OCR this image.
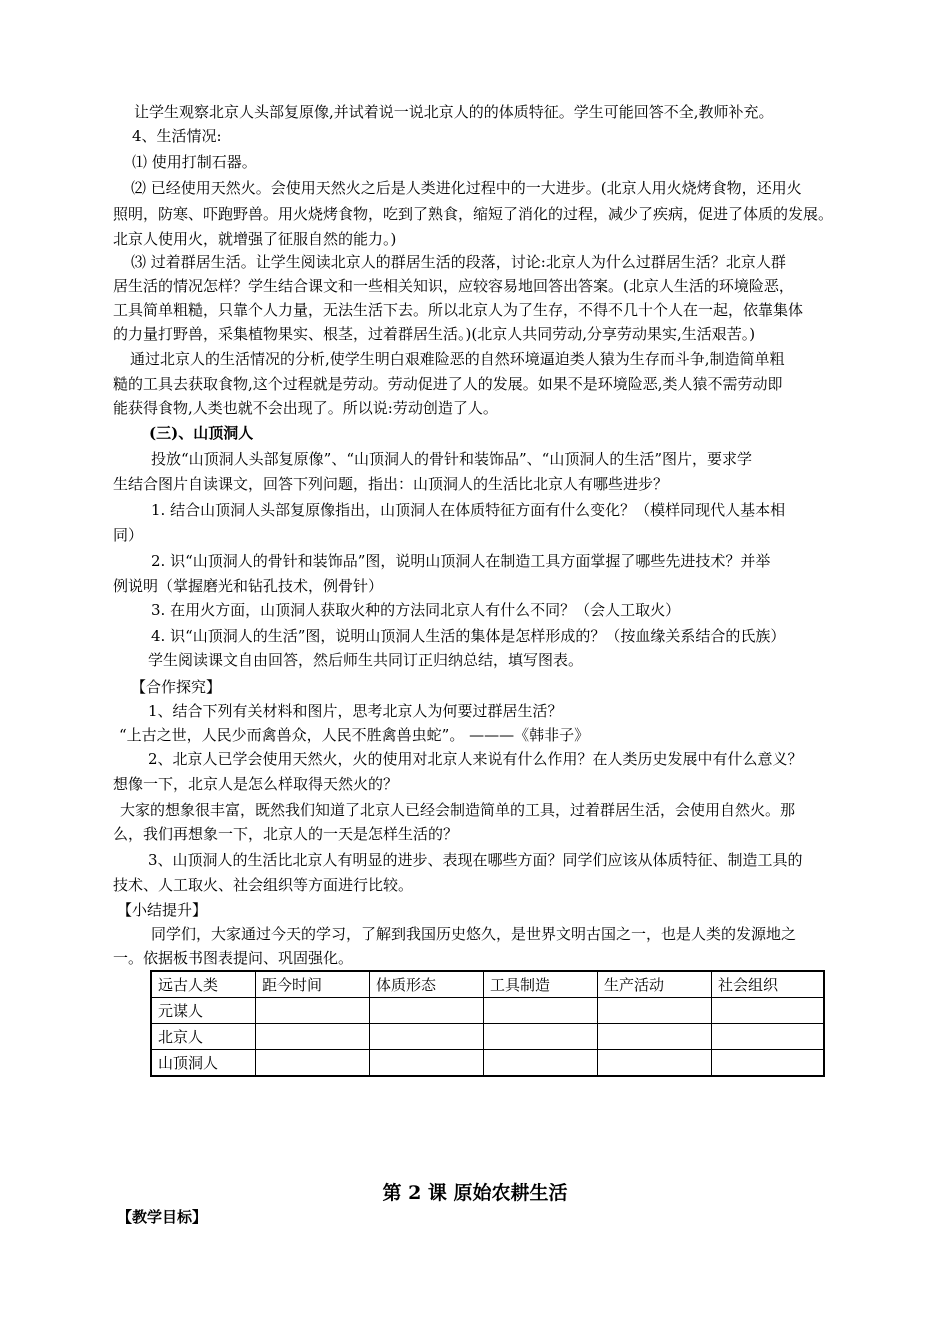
让学生观察北京人头部复原像,并试着说一说北京人的的体质特征。学生可能回答不全,教师补充。
4、生活情况:
⑴ 使用打制石器。
⑵ 已经使用天然火。会使用天然火之后是人类进化过程中的一大进步。(北京人用火烧烤食物，还用火
照明，防寒、吓跑野兽。用火烧烤食物，吃到了熟食，缩短了消化的过程，减少了疾病，促进了体质的发展。
北京人使用火，就增强了征服自然的能力。)
⑶ 过着群居生活。让学生阅读北京人的群居生活的段落，讨论:北京人为什么过群居生活？北京人群
居生活的情况怎样？学生结合课文和一些相关知识，应较容易地回答出答案。(北京人生活的环境险恶，
工具简单粗糙，只靠个人力量，无法生活下去。所以北京人为了生存，不得不几十个人在一起，依靠集体
的力量打野兽，采集植物果实、根茎，过着群居生活。)(北京人共同劳动,分享劳动果实,生活艰苦。)
通过北京人的生活情况的分析,使学生明白艰难险恶的自然环境逼迫类人猿为生存而斗争,制造简单粗
糙的工具去获取食物,这个过程就是劳动。劳动促进了人的发展。如果不是环境险恶,类人猿不需劳动即
能获得食物,人类也就不会出现了。所以说:劳动创造了人。
(三)、山顶洞人
投放“山顶洞人头部复原像”、“山顶洞人的骨针和装饰品”、“山顶洞人的生活”图片，要求学
生结合图片自读课文，回答下列问题，指出：山顶洞人的生活比北京人有哪些进步？
1. 结合山顶洞人头部复原像指出，山顶洞人在体质特征方面有什么变化？（模样同现代人基本相
同）
2. 识“山顶洞人的骨针和装饰品”图，说明山顶洞人在制造工具方面掌握了哪些先进技术？并举
例说明（掌握磨光和钻孔技术，例骨针）
3. 在用火方面，山顶洞人获取火种的方法同北京人有什么不同？（会人工取火）
4. 识“山顶洞人的生活”图，说明山顶洞人生活的集体是怎样形成的？（按血缘关系结合的氏族）
学生阅读课文自由回答，然后师生共同订正归纳总结，填写图表。
【合作探究】
1、结合下列有关材料和图片，思考北京人为何要过群居生活？
“上古之世，人民少而禽兽众，人民不胜禽兽虫蛇”。 ———《韩非子》
2、北京人已学会使用天然火，火的使用对北京人来说有什么作用？在人类历史发展中有什么意义？
想像一下，北京人是怎么样取得天然火的？
大家的想象很丰富，既然我们知道了北京人已经会制造简单的工具，过着群居生活，会使用自然火。那
么，我们再想象一下，北京人的一天是怎样生活的？
3、山顶洞人的生活比北京人有明显的进步、表现在哪些方面？同学们应该从体质特征、制造工具的
技术、人工取火、社会组织等方面进行比较。
【小结提升】
同学们，大家通过今天的学习，了解到我国历史悠久，是世界文明古国之一，也是人类的发源地之
一。依据板书图表提问、巩固强化。
远古人类	距今时间	体质形态	工具制造	生产活动	社会组织
元谋人					
北京人					
山顶洞人					
第 2 课 原始农耕生活
【教学目标】
